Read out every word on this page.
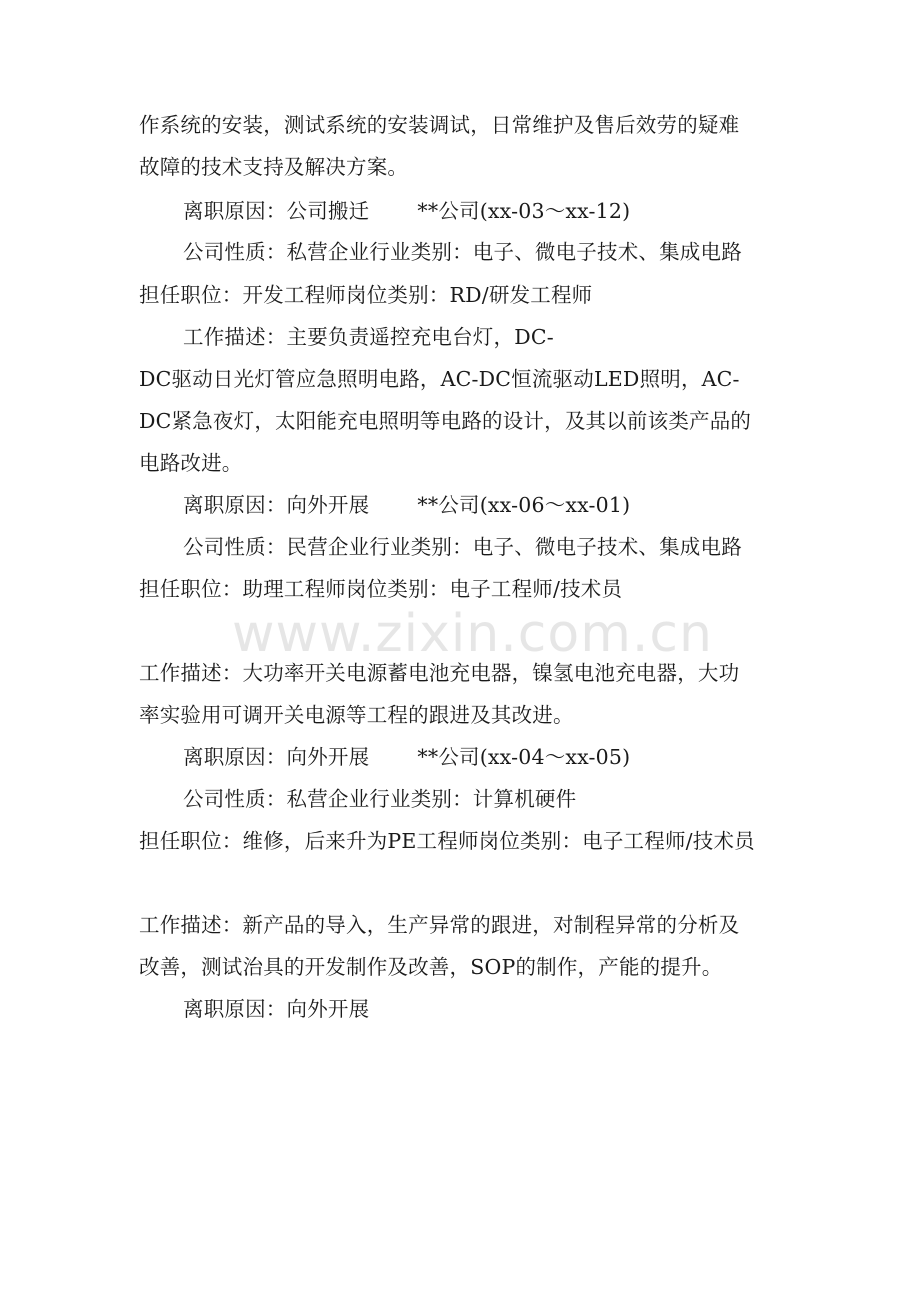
www.zixin.com.cn
作系统的安装，测试系统的安装调试，日常维护及售后效劳的疑难
故障的技术支持及解决方案。
离职原因：公司搬迁　　 **公司(xx-03～xx-12)
公司性质：私营企业行业类别：电子、微电子技术、集成电路
担任职位：开发工程师岗位类别：RD/研发工程师
工作描述：主要负责遥控充电台灯，DC-
DC驱动日光灯管应急照明电路，AC-DC恒流驱动LED照明，AC-
DC紧急夜灯，太阳能充电照明等电路的设计，及其以前该类产品的
电路改进。
离职原因：向外开展　　 **公司(xx-06～xx-01)
公司性质：民营企业行业类别：电子、微电子技术、集成电路
担任职位：助理工程师岗位类别：电子工程师/技术员
工作描述：大功率开关电源蓄电池充电器，镍氢电池充电器，大功
率实验用可调开关电源等工程的跟进及其改进。
离职原因：向外开展　　 **公司(xx-04～xx-05)
公司性质：私营企业行业类别：计算机硬件
担任职位：维修，后来升为PE工程师岗位类别：电子工程师/技术员
工作描述：新产品的导入，生产异常的跟进，对制程异常的分析及
改善，测试治具的开发制作及改善，SOP的制作，产能的提升。
离职原因：向外开展
